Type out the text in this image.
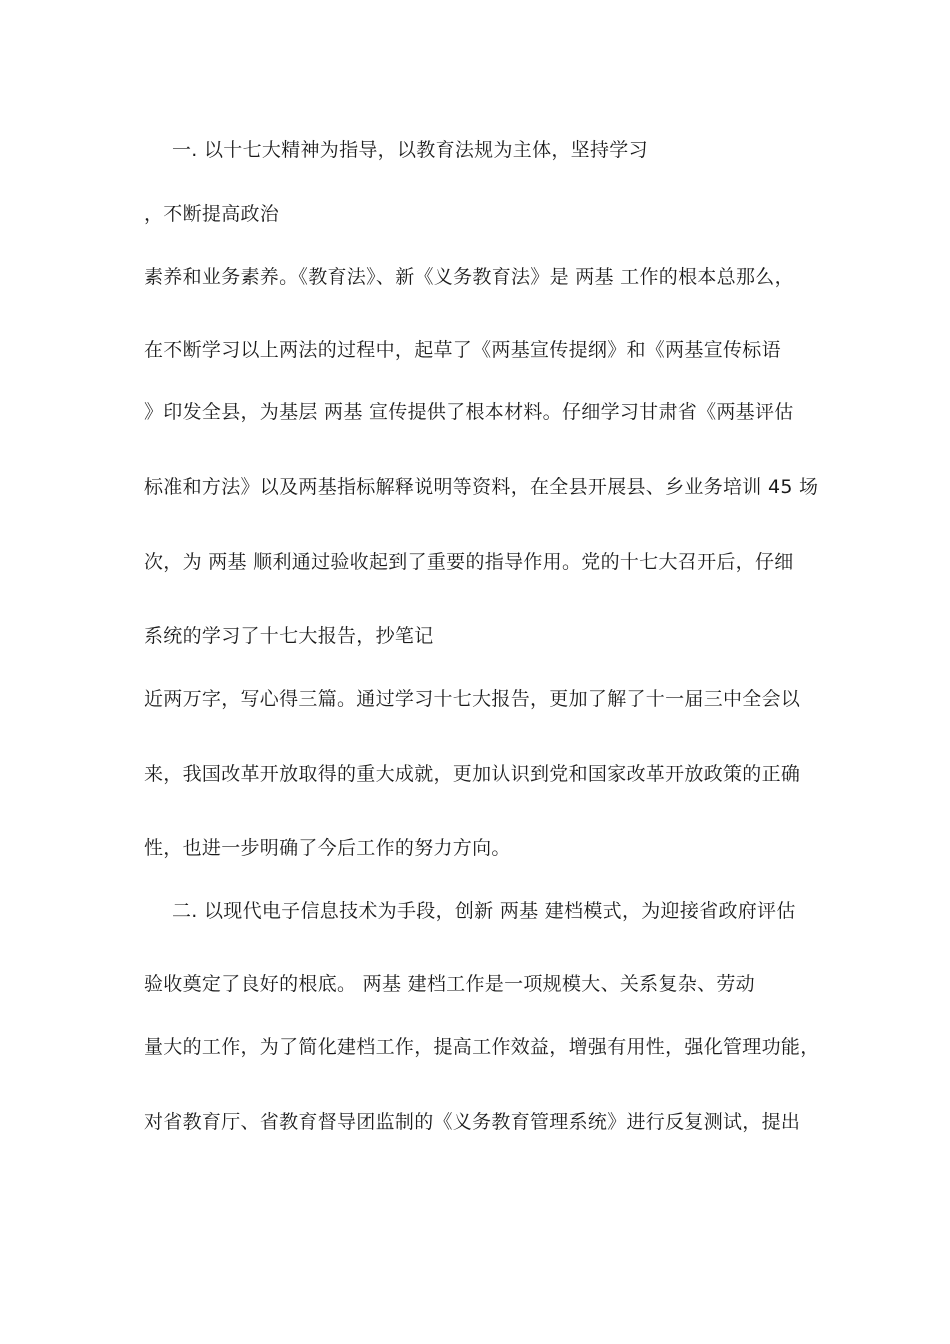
一. 以十七大精神为指导，以教育法规为主体，坚持学习
，不断提高政治
素养和业务素养。《教育法》、新《义务教育法》是 两基 工作的根本总那么，
在不断学习以上两法的过程中，起草了《两基宣传提纲》和《两基宣传标语
》印发全县，为基层 两基 宣传提供了根本材料。仔细学习甘肃省《两基评估
标准和方法》以及两基指标解释说明等资料，在全县开展县、乡业务培训 45 场
次，为 两基 顺利通过验收起到了重要的指导作用。党的十七大召开后，仔细
系统的学习了十七大报告，抄笔记
近两万字，写心得三篇。通过学习十七大报告，更加了解了十一届三中全会以
来，我国改革开放取得的重大成就，更加认识到党和国家改革开放政策的正确
性，也进一步明确了今后工作的努力方向。
二. 以现代电子信息技术为手段，创新 两基 建档模式，为迎接省政府评估
验收奠定了良好的根底。 两基 建档工作是一项规模大、关系复杂、劳动
量大的工作，为了简化建档工作，提高工作效益，增强有用性，强化管理功能，
对省教育厅、省教育督导团监制的《义务教育管理系统》进行反复测试，提出
